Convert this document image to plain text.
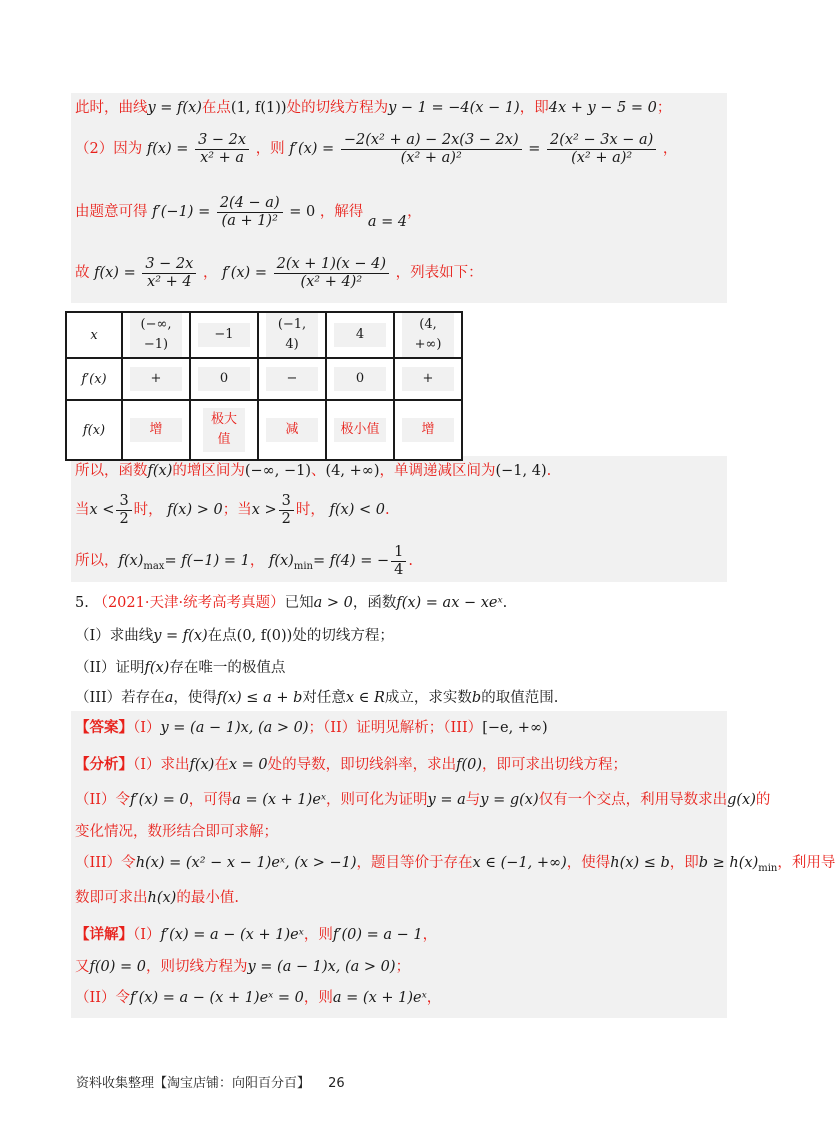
此时，曲线y = f(x)在点(1, f(1))处的切线方程为y − 1 = −4(x − 1)，即4x + y − 5 = 0；
（2）因为 $f(x) = \frac{3 - 2x}{\text{x² + a}}$ ，则 $f'(x) = \frac{\text{−2(x² + a) − 2x(3 − 2x)}}{\text{(x² + a)²}} = \frac{\text{2(x² − 3x − a)}}{\text{(x² + a)²}}$ ，
由题意可得 $f'(-1) = \frac{2(4 - a)}{\text{(a + 1)²}} = 0$ ，解得 a = 4，
故 $f(x) = \frac{3 - 2x}{\text{x² + 4}}$ ， $f'(x) = \frac{2(x + 1)(x - 4)}{\text{(x² + 4)²}}$ ，列表如下：
x	(−∞, −1)	−1	(−1, 4)	4	(4, +∞)
f′(x)	+	0	−	0	+
f(x)	增	极大值	减	极小值	增
所以，函数f(x)的增区间为(−∞, −1)、(4, +∞)，单调递减区间为(−1, 4).
当$x < \frac{3}{2}$ 时， f(x) > 0；当$x > \frac{3}{2}$ 时， f(x) < 0.
所以，$f(x)_{max}= f(-1) = 1$， $f(x)_{min}= f(4)$ = − $\frac{1}{4}$ .
5. （2021·天津·统考高考真题）已知a > 0，函数f(x) = ax − xeˣ.
（I）求曲线y = f(x)在点(0, f(0))处的切线方程；
（II）证明f(x)存在唯一的极值点
（III）若存在a，使得f(x) ≤ a + b对任意x ∈ R成立，求实数b的取值范围.
【答案】（I）y = (a − 1)x, (a > 0)；（II）证明见解析；（III）[−e, +∞)
【分析】（I）求出f(x)在x = 0处的导数，即切线斜率，求出f(0)，即可求出切线方程；
（II）令f′(x) = 0，可得a = (x + 1)eˣ，则可化为证明y = a与y = g(x)仅有一个交点，利用导数求出g(x)的
变化情况，数形结合即可求解；
（III）令h(x) = (x² − x − 1)eˣ, (x > −1)，题目等价于存在x ∈ (−1, +∞)，使得h(x) ≤ b，即$b \ge h(x)_{min}$，利用导
数即可求出h(x)的最小值.
【详解】（I）f′(x) = a − (x + 1)eˣ，则f′(0) = a − 1，
又f(0) = 0，则切线方程为y = (a − 1)x, (a > 0)；
（II）令f′(x) = a − (x + 1)eˣ = 0，则a = (x + 1)eˣ，
资料收集整理【淘宝店铺：向阳百分百】 26
